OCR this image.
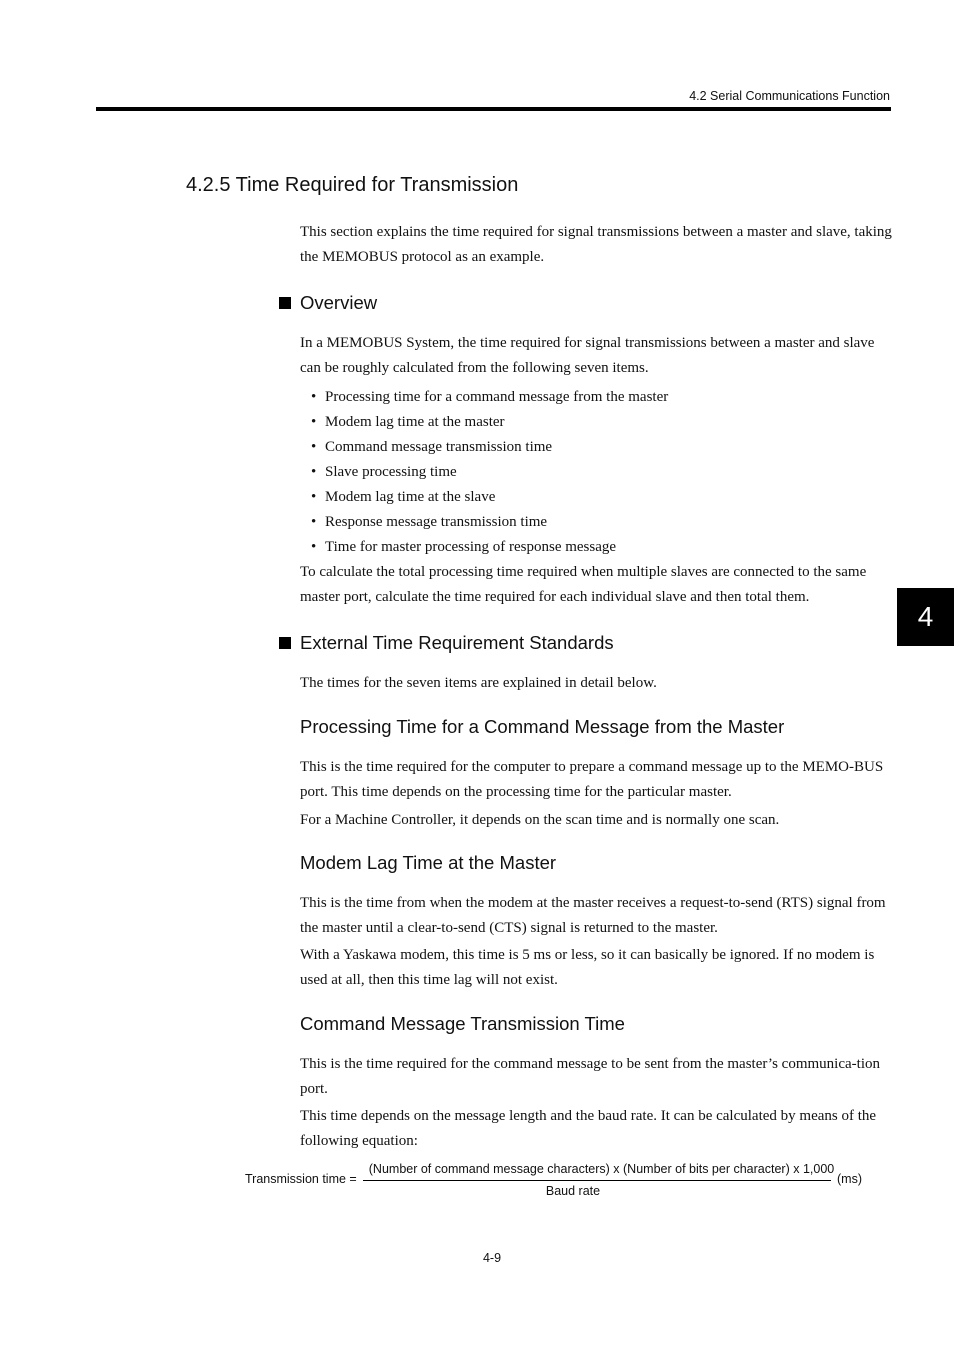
4.2 Serial Communications Function
4.2.5 Time Required for Transmission

This section explains the time required for signal transmissions between a master and slave, taking the MEMOBUS protocol as an example.

Overview

In a MEMOBUS System, the time required for signal transmissions between a master and slave can be roughly calculated from the following seven items.

• Processing time for a command message from the master
• Modem lag time at the master
• Command message transmission time
• Slave processing time
• Modem lag time at the slave
• Response message transmission time
• Time for master processing of response message

To calculate the total processing time required when multiple slaves are connected to the same master port, calculate the time required for each individual slave and then total them.

4
External Time Requirement Standards

The times for the seven items are explained in detail below.

Processing Time for a Command Message from the Master

This is the time required for the computer to prepare a command message up to the MEMO-BUS port. This time depends on the processing time for the particular master.

For a Machine Controller, it depends on the scan time and is normally one scan.

Modem Lag Time at the Master

This is the time from when the modem at the master receives a request-to-send (RTS) signal from the master until a clear-to-send (CTS) signal is returned to the master.

With a Yaskawa modem, this time is 5 ms or less, so it can basically be ignored. If no modem is used at all, then this time lag will not exist.

Command Message Transmission Time

This is the time required for the command message to be sent from the master’s communica-tion port.

This time depends on the message length and the baud rate. It can be calculated by means of the following equation:

Transmission time =
(Number of command message characters) x (Number of bits per character) x 1,000
Baud rate
(ms)
4-9
